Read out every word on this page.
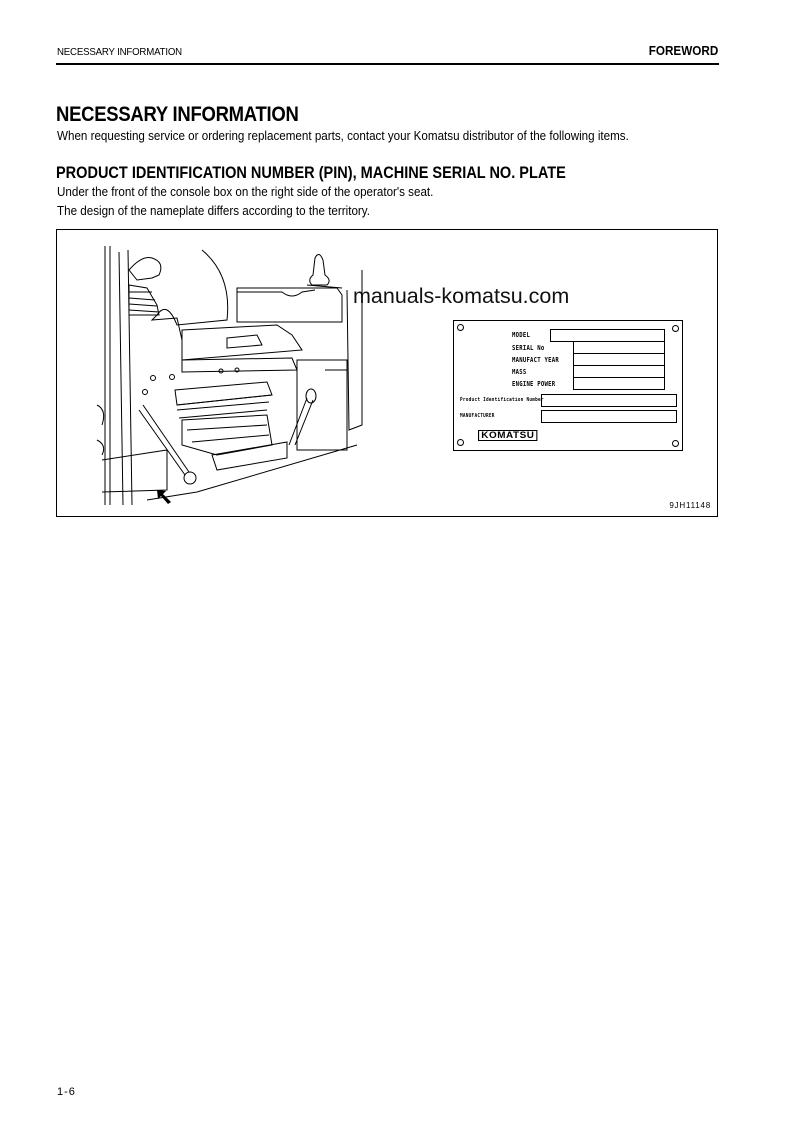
NECESSARY INFORMATION	FOREWORD
NECESSARY INFORMATION
When requesting service or ordering replacement parts, contact your Komatsu distributor of the following items.
PRODUCT IDENTIFICATION NUMBER (PIN), MACHINE SERIAL NO. PLATE
Under the front of the console box on the right side of the operator's seat.
The design of the nameplate differs according to the territory.
manuals-komatsu.com
MODEL
SERIAL No
MANUFACT YEAR
MASS
ENGINE POWER
Product Identification Number
MANUFACTURER
KOMATSU
9JH11148
1-6
